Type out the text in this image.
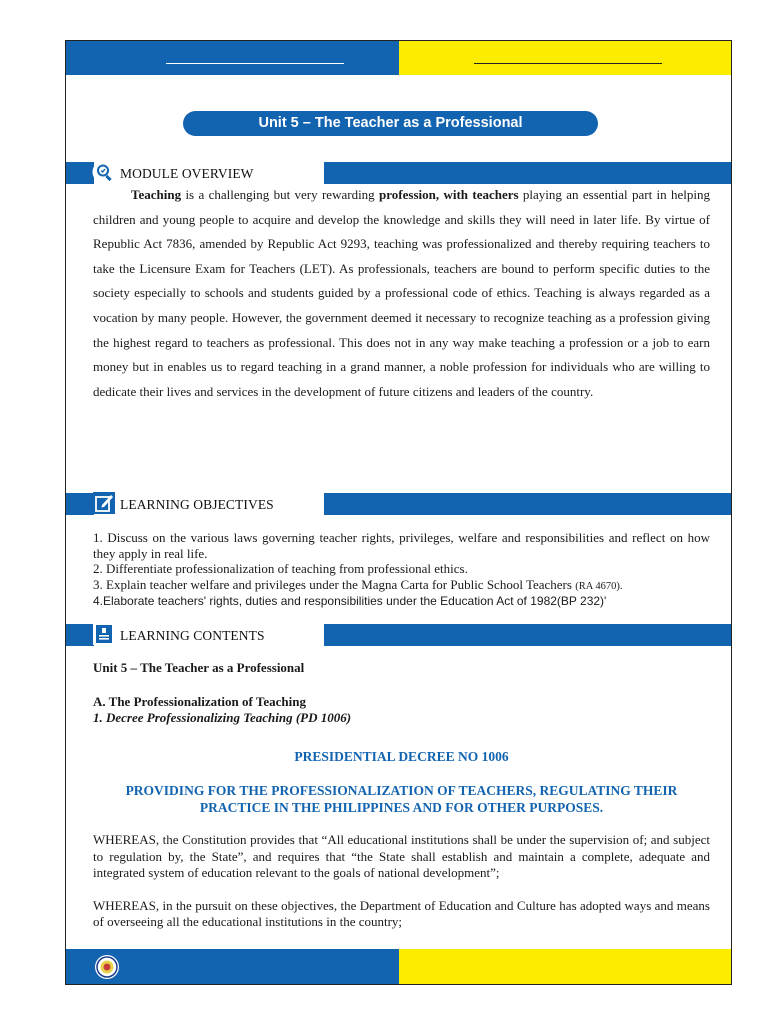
Unit 5 – The Teacher as a Professional
MODULE OVERVIEW
Teaching is a challenging but very rewarding profession, with teachers playing an essential part in helping children and young people to acquire and develop the knowledge and skills they will need in later life. By virtue of Republic Act 7836, amended by Republic Act 9293, teaching was professionalized and thereby requiring teachers to take the Licensure Exam for Teachers (LET). As professionals, teachers are bound to perform specific duties to the society especially to schools and students guided by a professional code of ethics. Teaching is always regarded as a vocation by many people. However, the government deemed it necessary to recognize teaching as a profession giving the highest regard to teachers as professional. This does not in any way make teaching a profession or a job to earn money but in enables us to regard teaching in a grand manner, a noble profession for individuals who are willing to dedicate their lives and services in the development of future citizens and leaders of the country.
LEARNING OBJECTIVES

1. Discuss on the various laws governing teacher rights, privileges, welfare and responsibilities and reflect on how they apply in real life.

2. Differentiate professionalization of teaching from professional ethics.

3. Explain teacher welfare and privileges under the Magna Carta for Public School Teachers (RA 4670).

4.Elaborate teachers' rights, duties and responsibilities under the Education Act of 1982(BP 232)'

LEARNING CONTENTS

Unit 5 – The Teacher as a Professional

A. The Professionalization of Teaching

1. Decree Professionalizing Teaching (PD 1006)

PRESIDENTIAL DECREE NO 1006

PROVIDING FOR THE PROFESSIONALIZATION OF TEACHERS, REGULATING THEIR PRACTICE IN THE PHILIPPINES AND FOR OTHER PURPOSES.

WHEREAS, the Constitution provides that “All educational institutions shall be under the supervision of; and subject to regulation by, the State”, and requires that “the State shall establish and maintain a complete, adequate and integrated system of education relevant to the goals of national development”;

WHEREAS, in the pursuit on these objectives, the Department of Education and Culture has adopted ways and means of overseeing all the educational institutions in the country;
